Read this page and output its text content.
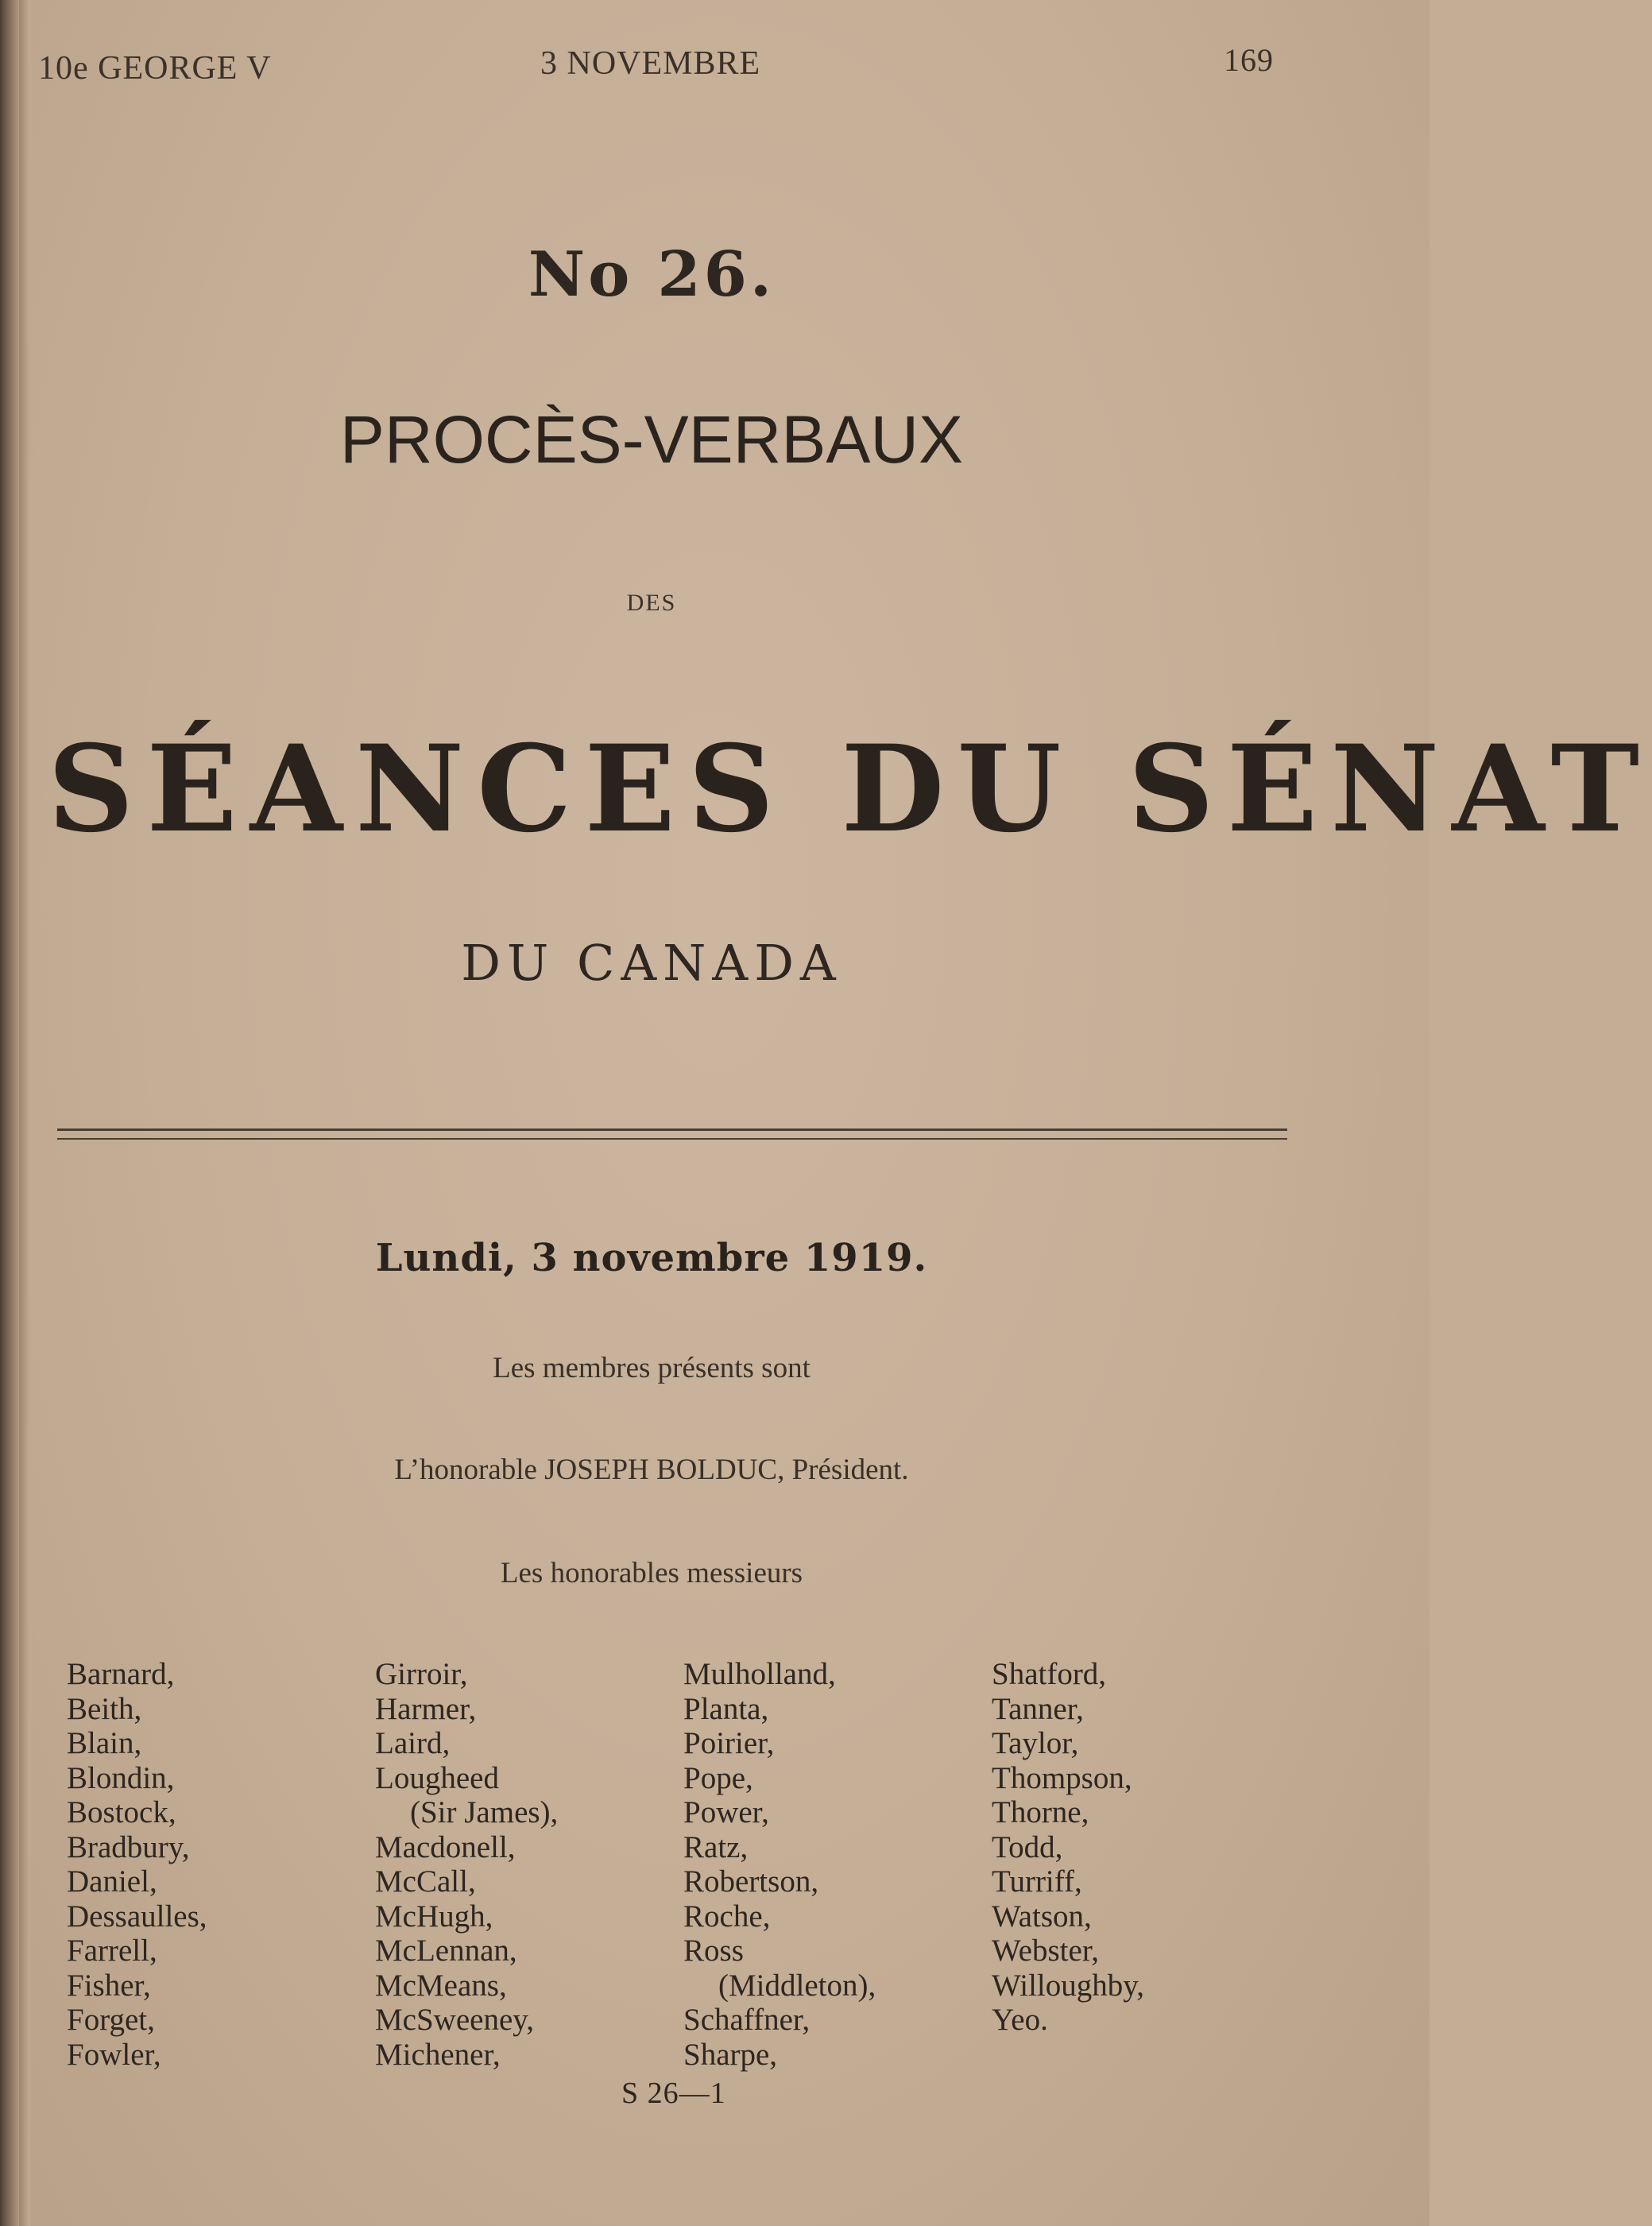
10e GEORGE V	3 NOVEMBRE	169
No 26.
PROCÈS-VERBAUX
DES
SÉANCES DU SÉNAT
DU CANADA
Lundi, 3 novembre 1919.
Les membres présents sont
L’honorable JOSEPH BOLDUC, Président.
Les honorables messieurs
Barnard,
Beith,
Blain,
Blondin,
Bostock,
Bradbury,
Daniel,
Dessaulles,
Farrell,
Fisher,
Forget,
Fowler,
Girroir,
Harmer,
Laird,
Lougheed
(Sir James),
Macdonell,
McCall,
McHugh,
McLennan,
McMeans,
McSweeney,
Michener,
Mulholland,
Planta,
Poirier,
Pope,
Power,
Ratz,
Robertson,
Roche,
Ross
(Middleton),
Schaffner,
Sharpe,
Shatford,
Tanner,
Taylor,
Thompson,
Thorne,
Todd,
Turriff,
Watson,
Webster,
Willoughby,
Yeo.
S 26—1
